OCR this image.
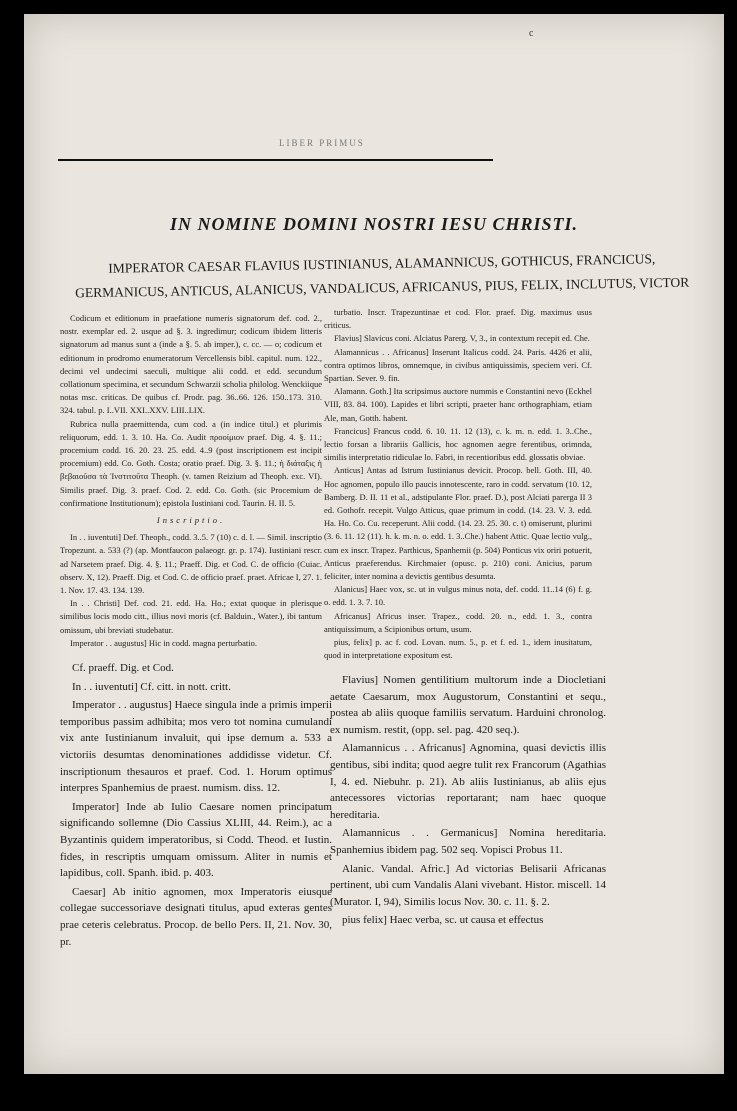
c
LIBER PRIMUS
IN NOMINE DOMINI NOSTRI IESU CHRISTI.
IMPERATOR CAESAR FLAVIUS IUSTINIANUS, ALAMANNICUS, GOTHICUS, FRANCICUS, GERMANICUS, ANTICUS, ALANICUS, VANDALICUS, AFRICANUS, PIUS, FELIX, INCLUTUS, VICTOR

Codicum et editionum in praefatione numeris signatorum def. cod. 2., nostr. exemplar ed. 2. usque ad §. 3. ingredimur; codicum ibidem litteris signatorum ad manus sunt a (inde a §. 5. ab imper.), c. cc. — o; codicum et editionum in prodromo enumeratorum Vercellensis bibl. capitul. num. 122., decimi vel undecimi saeculi, multique alii codd. et edd. secundum collationum specimina, et secundum Schwarzii scholia philolog. Wenckiique notas msc. criticas. De quibus cf. Prodr. pag. 36..66. 126. 150..173. 310. 324. tabul. p. I..VII. XXI..XXV. LIII..LIX.

Rubrica nulla praemittenda, cum cod. a (in indice titul.) et plurimis reliquorum, edd. 1. 3. 10. Ha. Co. Audit προοίμιον praef. Dig. 4. §. 11.; procemium codd. 16. 20. 23. 25. edd. 4..9 (post inscriptionem est incipit procemium) edd. Co. Goth. Costa; oratio praef. Dig. 3. §. 11.; ἡ διάταξις ἡ βεβαιοῦσα τὰ Ἰνστιτοῦτα Theoph. (v. tamen Reizium ad Theoph. exc. VI). Similis praef. Dig. 3. praef. Cod. 2. edd. Co. Goth. (sic Procemium de confirmatione Institutionum); epistola Iustiniani cod. Taurin. H. II. 5.

Inscriptio.

In . . iuventuti] Def. Theoph., codd. 3..5. 7 (10) c. d. l. — Simil. inscriptio Tropezunt. a. 533 (?) (ap. Montfaucon palaeogr. gr. p. 174). Iustiniani rescr. ad Narsetem praef. Dig. 4. §. 11.; Praeff. Dig. et Cod. C. de officio (Cuiac. observ. X, 12). Praeff. Dig. et Cod. C. de officio praef. praet. Africae I, 27. 1. 1. Nov. 17. 43. 134. 139.

In . . Christi] Def. cod. 21. edd. Ha. Ho.; extat quoque in plerisque similibus locis modo citt., illius novi moris (cf. Balduin., Water.), ibi tantum omissum, ubi breviati studebatur.

Imperator . . augustus] Hic in codd. magna perturbatio.

turbatio. Inscr. Trapezuntinae et cod. Flor. praef. Dig. maximus usus criticus.

Flavius] Slavicus coni. Alciatus Parerg. V, 3., in contextum recepit ed. Che.

Alamannicus . . Africanus] Inserunt Italicus codd. 24. Paris. 4426 et alii, contra optimos libros, omnemque, in civibus antiquissimis, speciem veri. Cf. Spartian. Sever. 9. fin.

Alamann. Goth.] Ita scripsimus auctore nummis e Constantini nevo (Eckhel VIII, 83. 84. 100). Lapides et libri scripti, praeter hanc orthographiam, etiam Ale, man, Gotth. habent.

Francicus] Francus codd. 6. 10. 11. 12 (13), c. k. m. n. edd. 1. 3..Che., lectio forsan a librariis Gallicis, hoc agnomen aegre ferentibus, orimnda, similis interpretatio ridiculae lo. Fabri, in recentioribus edd. glossatis obviae.

Anticus] Antas ad Istrum Iustinianus devicit. Procop. bell. Goth. III, 40. Hoc agnomen, populo illo paucis innotescente, raro in codd. servatum (10. 12, Bamberg. D. II. 11 et al., adstipulante Flor. praef. D.), post Alciati parerga II 3 ed. Gothofr. recepit. Vulgo Atticus, quae primum in codd. (14. 23. V. 3. edd. Ha. Ho. Co. Cu. receperunt. Alii codd. (14. 23. 25. 30. c. t) omiserunt, plurimi (3. 6. 11. 12 (11). h. k. m. n. o. edd. 1. 3..Che.) habent Attic. Quae lectio vulg., cum ex inscr. Trapez. Parthicus, Spanhemii (p. 504) Ponticus vix oriri potuerit, Anticus praeferendus. Kirchmaier (opusc. p. 210) coni. Anicius, parum feliciter, inter nomina a devictis gentibus desumta.

Alanicus] Haec vox, sc. ut in vulgus minus nota, def. codd. 11..14 (6) f. g. o. edd. 1. 3. 7. 10.

Africanus] Africus inser. Trapez., codd. 20. n., edd. 1. 3., contra antiquissimum, a Scipionibus ortum, usum.

pius, felix] p. ac f. cod. Lovan. num. 5., p. et f. ed. 1., idem inusitatum, quod in interpretatione expositum est.

Cf. praeff. Dig. et Cod.

In . . iuventuti] Cf. citt. in nott. critt.

Imperator . . augustus] Haece singula inde a primis imperii temporibus passim adhibita; mos vero tot nomina cumulandi vix ante Iustinianum invaluit, qui ipse demum a. 533 a victoriis desumtas denominationes addidisse videtur. Cf. inscriptionum thesauros et praef. Cod. 1. Horum optimus interpres Spanhemius de praest. numism. diss. 12.

Imperator] Inde ab Iulio Caesare nomen principatum significando sollemne (Dio Cassius XLIII, 44. Reim.), ac a Byzantinis quidem imperatoribus, si Codd. Theod. et Iustin. fides, in rescriptis umquam omissum. Aliter in numis et lapidibus, coll. Spanh. ibid. p. 403.

Caesar] Ab initio agnomen, mox Imperatoris eiusque collegae successoriave designati titulus, apud exteras gentes prae ceteris celebratus. Procop. de bello Pers. II, 21. Nov. 30, pr.

Flavius] Nomen gentilitium multorum inde a Diocletiani aetate Caesarum, mox Augustorum, Constantini et sequ., postea ab aliis quoque familiis servatum. Harduini chronolog. ex numism. restit, (opp. sel. pag. 420 seq.).

Alamannicus . . Africanus] Agnomina, quasi devictis illis gentibus, sibi indita; quod aegre tulit rex Francorum (Agathias I, 4. ed. Niebuhr. p. 21). Ab aliis Iustinianus, ab aliis ejus antecessores victorias reportarant; nam haec quoque hereditaria.

Alamannicus . . Germanicus] Nomina hereditaria. Spanhemius ibidem pag. 502 seq. Vopisci Probus 11.

Alanic. Vandal. Afric.] Ad victorias Belisarii Africanas pertinent, ubi cum Vandalis Alani vivebant. Histor. miscell. 14 (Murator. I, 94), Similis locus Nov. 30. c. 11. §. 2.

pius felix] Haec verba, sc. ut causa et effectus
